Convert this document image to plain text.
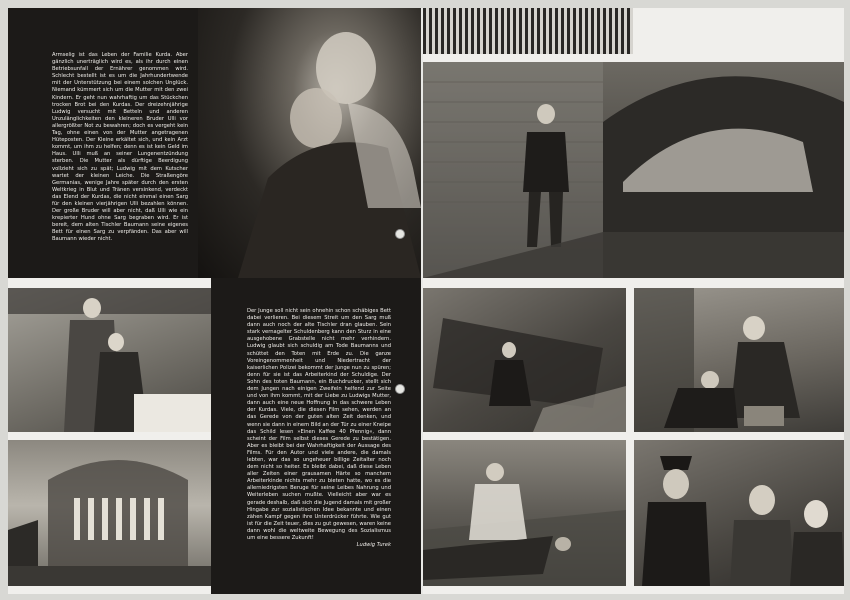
Armselig ist das Leben der Familie Kurda. Aber gänzlich unerträglich wird es, als ihr durch einen Betriebsunfall der Ernährer genommen wird. Schlecht bestellt ist es um die Jahrhundertwende mit der Unterstützung bei einem solchen Unglück. Niemand kümmert sich um die Mutter mit den zwei Kindern. Er geht nun wahrhaftig um das Stückchen trocken Brot bei den Kurdas. Der dreizehnjährige Ludwig versucht mit Betteln und anderen Unzulänglichkeiten den kleineren Bruder Ulli vor allergrößter Not zu bewahren; doch es vergeht kein Tag, ohne einen von der Mutter angetragenen Hüteposten. Der Kleine erkältet sich, und kein Arzt kommt, um ihm zu helfen; denn es ist kein Geld im Haus. Ulli muß an seiner Lungenentzündung sterben. Die Mutter als dürftige Beerdigung vollzieht sich zu spät; Ludwig mit dem Kutscher wartet der kleinen Leiche. Die Straßengöre Germanias, wenige Jahre später durch den ersten Weltkrieg in Blut und Tränen versinkend, verdeckt das Elend der Kurdas, die nicht einmal einen Sarg für den kleinen vierjährigen Ulli bezahlen können. Der große Bruder will aber nicht, daß Ulli wie ein krepierter Hund ohne Sarg begraben wird. Er ist bereit, dem alten Tischler Baumann seine eigenes Bett für einen Sarg zu verpfänden. Das aber will Baumann wieder nicht.

Der Junge soll nicht sein ohnehin schon schäbiges Bett dabei verlieren. Bei diesem Streit um den Sarg muß dann auch noch der alte Tischler dran glauben. Sein stark vernagelter Schuldenberg kann den Sturz in eine ausgehobene Grabstelle nicht mehr verhindern. Ludwig glaubt sich schuldig am Tode Baumanns und schüttet den Toten mit Erde zu. Die ganze Voreingenommenheit und Niedertracht der kaiserlichen Polizei bekommt der Junge nun zu spüren; denn für sie ist das Arbeiterkind der Schuldige. Der Sohn des toten Baumann, ein Buchdrucker, stellt sich dem Jungen nach einigen Zweifeln helfend zur Seite und von ihm kommt, mit der Liebe zu Ludwigs Mutter, dann auch eine neue Hoffnung in das schwere Leben der Kurdas. Viele, die diesen Film sehen, werden an das Gerede von der guten alten Zeit denken, und wenn sie dann in einem Bild an der Tür zu einer Kneipe das Schild lesen »Einen Kaffee 40 Pfennig«, dann scheint der Film selbst dieses Gerede zu bestätigen. Aber es bleibt bei der Wahrhaftigkeit der Aussage des Films. Für den Autor und viele andere, die damals lebten, war das so ungeheuer billige Zeitalter noch dem nicht so heiter. Es bleibt dabei, daß diese Leben aller Zeiten einer grausamen Härte so manchem Arbeiterkinde nichts mehr zu bieten hatte, wo es die allerniedrigsten Beruge für seine Leibes Nahrung und Weiterleben suchen mußte. Vielleicht aber war es gerade deshalb, daß sich die Jugend damals mit großer Hingabe zur sozialistischen Idee bekannte und einen zähen Kampf gegen ihre Unterdrücker führte. Wie gut ist für die Zeit teuer, dies zu gut gewesen, waren keine dann wohl die weltweite Bewegung des Sozialismus um eine bessere Zukunft!

Ludwig Turek
